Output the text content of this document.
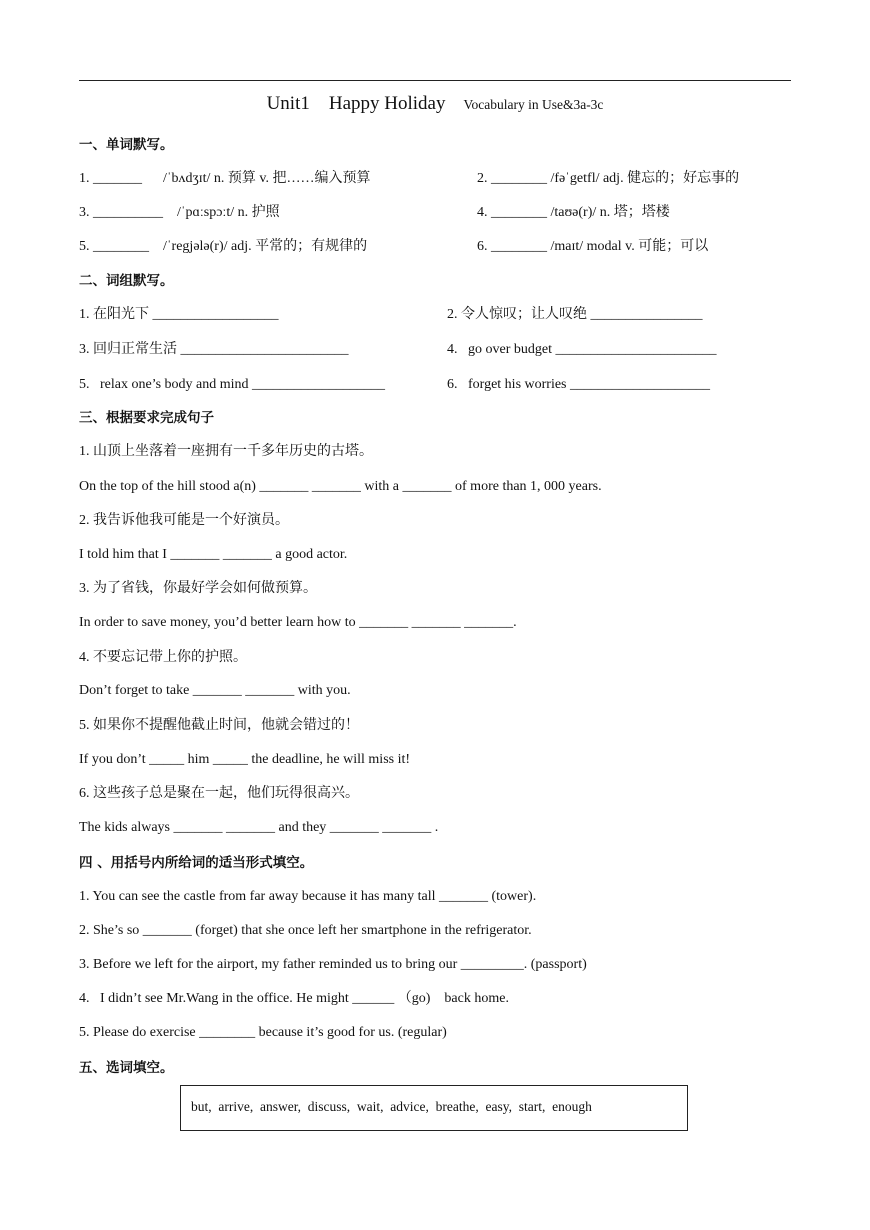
Unit1    Happy Holiday Vocabulary in Use&3a-3c
一、单词默写。
1. _______      /ˈbʌdʒɪt/ n. 预算 v. 把……编入预算	2. ________ /fəˈgetfl/ adj. 健忘的；好忘事的
3. __________    /ˈpɑːspɔːt/ n. 护照	4. ________ /taʊə(r)/ n. 塔；塔楼
5. ________    /ˈregjələ(r)/ adj. 平常的；有规律的	6. ________ /maɪt/ modal v. 可能；可以
二、词组默写。
1. 在阳光下 __________________	2. 令人惊叹；让人叹绝 ________________
3. 回归正常生活 ________________________	4.   go over budget _______________________
5.   relax one’s body and mind ___________________	6.   forget his worries ____________________
三、根据要求完成句子
1. 山顶上坐落着一座拥有一千多年历史的古塔。
On the top of the hill stood a(n) _______ _______ with a _______ of more than 1, 000 years.
2. 我告诉他我可能是一个好演员。
I told him that I _______ _______ a good actor.
3. 为了省钱，你最好学会如何做预算。
In order to save money, you’d better learn how to _______ _______ _______.
4. 不要忘记带上你的护照。
Don’t forget to take _______ _______ with you.
5. 如果你不提醒他截止时间，他就会错过的！
If you don’t _____ him _____ the deadline, he will miss it!
6. 这些孩子总是聚在一起，他们玩得很高兴。
The kids always _______ _______ and they _______ _______ .
四 、用括号内所给词的适当形式填空。
1. You can see the castle from far away because it has many tall _______ (tower).
2. She’s so _______ (forget) that she once left her smartphone in the refrigerator.
3. Before we left for the airport, my father reminded us to bring our _________. (passport)
4.   I didn’t see Mr.Wang in the office. He might ______ （go)    back home.
5. Please do exercise ________ because it’s good for us. (regular)
五、选词填空。
but,  arrive,  answer,  discuss,  wait,  advice,  breathe,  easy,  start,  enough
